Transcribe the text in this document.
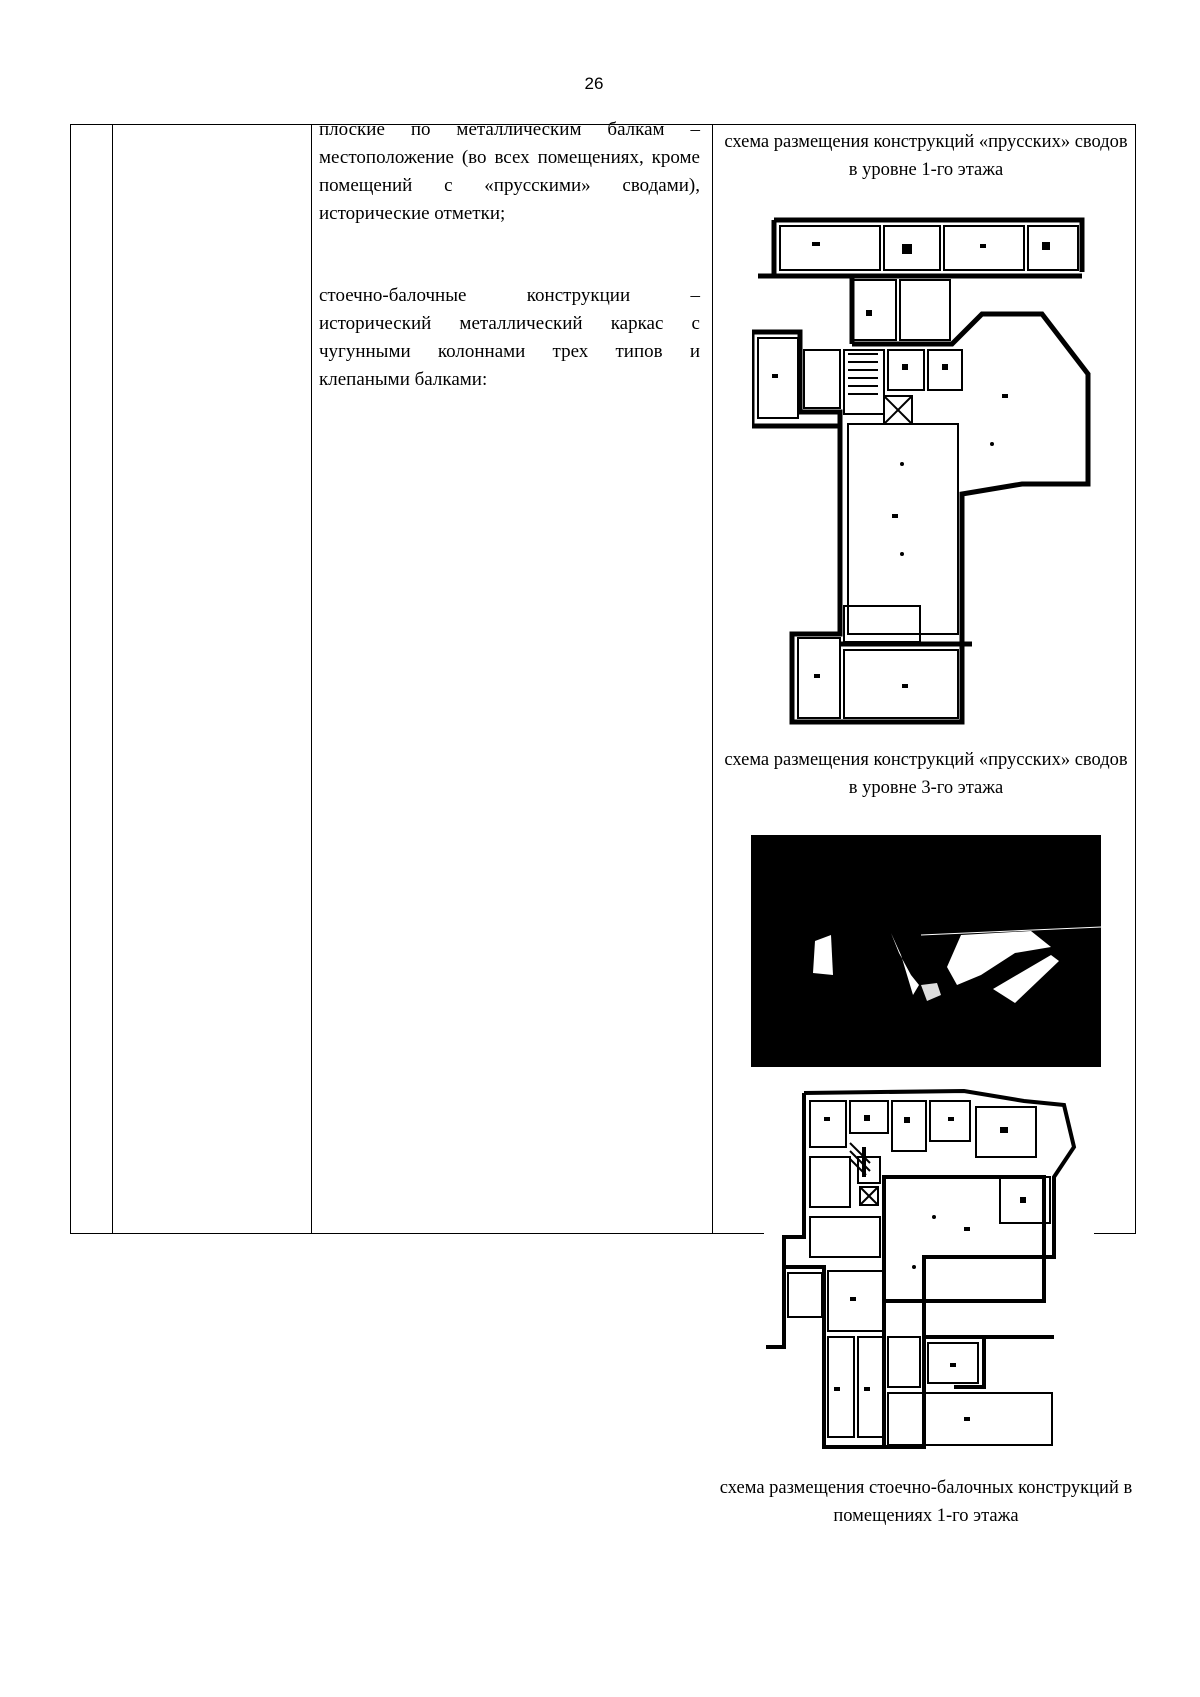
26
схема размещения конструкций «прусских» сводов в уровне 1-го этажа
схема размещения конструкций «прусских» сводов в уровне 3-го этажа
схема размещения стоечно-балочных конструкций в помещениях 1-го этажа

плоские по металлическим балкам – местоположение (во всех помещениях, кроме помещений с «прусскими» сводами), исторические отметки;

стоечно-балочные конструкции – исторический металлический каркас с чугунными колоннами трех типов и клепаными балками:
